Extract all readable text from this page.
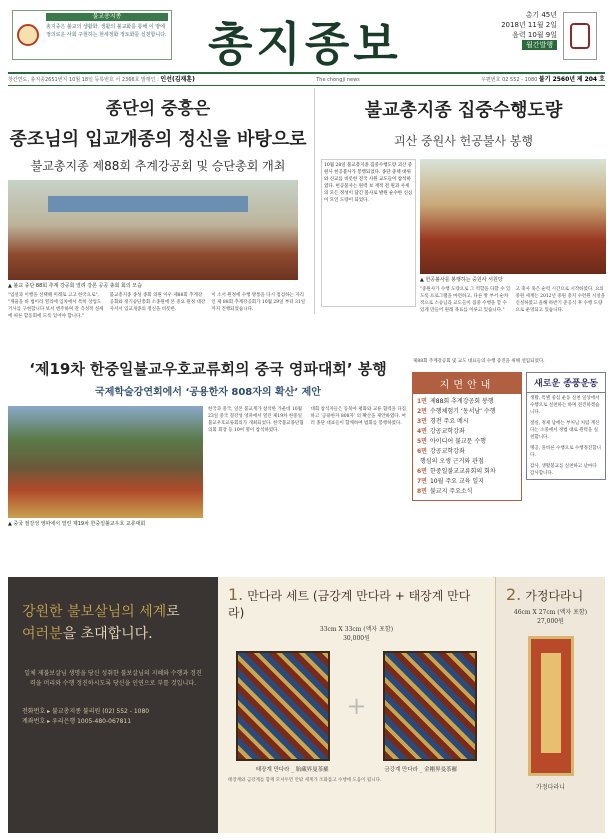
불교총지종
총지종은 불교의 생활화, 생활의 불교화를 통해 이 땅에 정의로운 사회 구현하는 현세정화 정토화를 실천합니다. 총지종보
총기 45년
2018년 11월 2일
음력 10월 9일
월간발행
창간연도, 총지종2651번지 10월 18일 등록번호 서 2366호 발행인 : 인선(김재훈)	The chongji news	우편번호 02 552 - 1080 불기 2560년 제 204 호
종단의 중흥은
종조님의 입교개종의 정신을 바탕으로
불교총지종 제88회 추계강공회 및 승단총회 개최
▲ 불교 종단 88회 추계 강공회 열려 강론 공공 총회 회의 모습

"입설과 이행을 선택해 미래로 고고 한국으로", "계율을 바 법이라 열리에 입차에서 특히 상업도 기사를 구현합니다 보서 엔주하며 잔 측성적 실세에 따른 합동회에 도록 있어야 합니다."

불교총지종 종성 종회 의원 이우 제88회 추계강공회와 정기승단총회 소종원에 본 중요 원정 대강사서서 입교개종의 정신을 비롯한.

이 소서 원정에 수행 방통을 다시 점검하는 자리인 제 88회 추계강공회가 10월 29일 부터 31일까지 진행되었습니다.

불교총지종 집중수행도량
괴산 중원사 헌공불사 봉행
10월 28일 불교총지종 집중수행도량 괴산 중원사 헌공불사가 봉행되었다. 종단 중책 대위와 신교를 비롯한 전국 사원 교도들이 참석하였다. 헌공불사는 원력 보 재적 전 원과 사세의 모든 정성이 담긴 불사로 발원 순수한 신심이 모인 도량이 되었다.
▲ 헌공불사를 봉행하는 중원사 서원당

"중원사가 수행 도량으로 그 역할을 다할 수 있도록 프로그램을 마련하고, 다른 방 부서 순차적으로 스승님과 교도들이 집중 수행을 할 수 있게 만들어 원래 목표를 이루고 있습니다."

고 축사 혹은 순력 시간으로 시작하였다. 요의 중원 세계는 2012년 중원 총지 수련원 시설을 신설하였고 올해 하반기 준공식 후 수행 도량으로 운영되고 있습니다.

‘제19차 한중일불교우호교류회의 중국 영파대회’ 봉행
국제학술강연회에서 ‘공용한자 808자의 확산’ 제안
▲ 중국 절강성 영파에서 열린 제19차 한중일불교우호 교류대회

한국과 중국, 일본 불교계가 참석한 가운데 10월 23일 중국 절강성 영파에서 열린 제19차 한중일불교우호교류회의가 개최되었다. 한국불교종단협의회 회장 등 10여 명이 참석하였다.

대회 참석자들은 동북아 평화와 교류 협력을 다짐하고 ‘공용한자 808자’ 의 확산을 제안하였다. 여러 종단 대표들이 함께하여 법회를 봉행하였다.

제88회 추계강공회 및 교도 대표들의 수행 증진을 위해 설립되었다.
지면안내
1면 제88회 추계강공회 봉행
2면 수행체험기 ‘동서남’ 수행
3면 경전 주요 메시
4면 강공교학강좌
5면 아이디어 불교문 수행
6면 강공교학강좌
행심의 오생 근거와 관점
6면 한중일불교교류회의 회차
7면 10월 주요 교육 일지
8면 불교지 주요소식
새로운 종풍운동

생활, 특별 중심 운동 실천 일상에서 수행으로 실천하는 하며 전진하겠습니다.

절실, 정제 남에는 부처님 처럼 계신다는 소중에서 정법 대로 원력을 실천합니다.

맹공, 올바른 수행으로 수행정진합니다.

감사, 생활불교를 실천하고 날마다 감사합니다.

강원한 불보살님의 세계로
여러분을 초대합니다.
일체 제불보살님 생명을 당신 성취한 불보살님의 지혜와 수행과 정진력을 머리와 수행 정진하시도록 당신을 인연으로 부를 것입니다.
전화번호 ▸ 불교총지종 불리원 (02) 552 - 1080
계좌번호 ▸ 우리은행 1005-480-067811
1. 만다라 세트 (금강계 만다라 + 태장계 만다라)
33cm X 33cm (액자 포함)
30,000원
+
태장계 만다라 _ 胎藏界曼茶羅	금강계 만다라 _ 金剛界曼茶羅
태장계와 금강계를 함께 모셔두면 안팎 세계가 조화롭고 수행에 도움이 됩니다.
2. 가정다라니
46cm X 27cm (액자 포함)
27,000원
가정다라니
